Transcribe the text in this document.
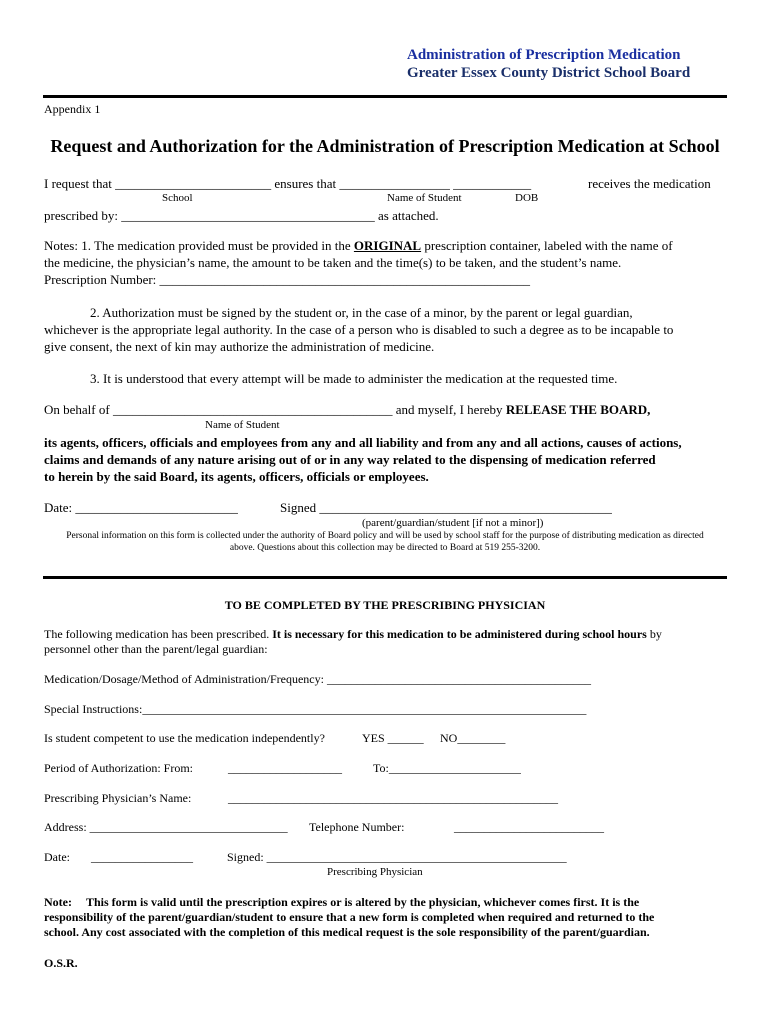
Administration of Prescription Medication
Greater Essex County District School Board
Appendix 1
Request and Authorization for the Administration of Prescription Medication at School
I request that ________________________ ensures that _________________ ____________	receives the medication
School	Name of Student	DOB
prescribed by: _______________________________________ as attached.
Notes: 1. The medication provided must be provided in the ORIGINAL prescription container, labeled with the name of
the medicine, the physician’s name, the amount to be taken and the time(s) to be taken, and the student’s name.
Prescription Number: _________________________________________________________
2. Authorization must be signed by the student or, in the case of a minor, by the parent or legal guardian,
whichever is the appropriate legal authority. In the case of a person who is disabled to such a degree as to be incapable to
give consent, the next of kin may authorize the administration of medicine.
3. It is understood that every attempt will be made to administer the medication at the requested time.
On behalf of ___________________________________________ and myself, I hereby RELEASE THE BOARD,
Name of Student
its agents, officers, officials and employees from any and all liability and from any and all actions, causes of actions,
claims and demands of any nature arising out of or in any way related to the dispensing of medication referred
to herein by the said Board, its agents, officers, officials or employees.
Date: _________________________	Signed _____________________________________________
(parent/guardian/student [if not a minor])
Personal information on this form is collected under the authority of Board policy and will be used by school staff for the purpose of distributing medication as directed
above. Questions about this collection may be directed to Board at 519 255-3200.
TO BE COMPLETED BY THE PRESCRIBING PHYSICIAN
The following medication has been prescribed. It is necessary for this medication to be administered during school hours by
personnel other than the parent/legal guardian:
Medication/Dosage/Method of Administration/Frequency: ____________________________________________
Special Instructions:__________________________________________________________________________
Is student competent to use the medication independently?	YES ______ NO________
Period of Authorization: From:	___________________	To:______________________
Prescribing Physician’s Name:	_______________________________________________________
Address: _________________________________ Telephone Number:	_________________________
Date: _________________	Signed: __________________________________________________
Prescribing Physician
Note: This form is valid until the prescription expires or is altered by the physician, whichever comes first. It is the
responsibility of the parent/guardian/student to ensure that a new form is completed when required and returned to the
school. Any cost associated with the completion of this medical request is the sole responsibility of the parent/guardian.
O.S.R.
